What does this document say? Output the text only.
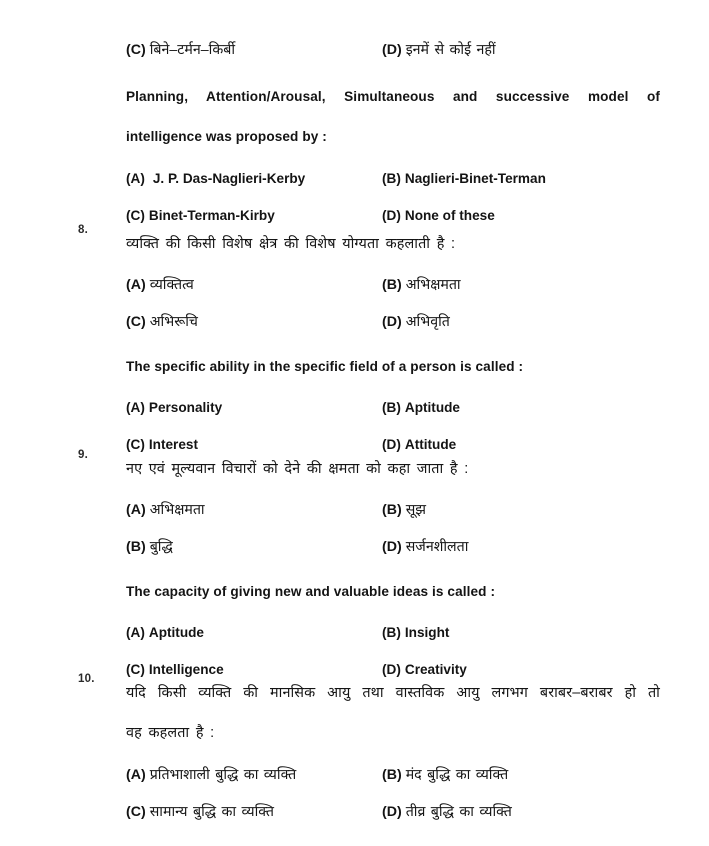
(C) बिने–टर्मन–किर्बी	(D) इनमें से कोई नहीं
Planning, Attention/Arousal, Simultaneous and successive model of
intelligence was proposed by :
(A) J. P. Das-Naglieri-Kerby	(B) Naglieri-Binet-Terman
(C) Binet-Terman-Kirby	(D) None of these
8.
व्यक्ति की किसी विशेष क्षेत्र की विशेष योग्यता कहलाती है :
(A) व्यक्तित्व	(B) अभिक्षमता
(C) अभिरूचि	(D) अभिवृति
The specific ability in the specific field of a person is called :
(A) Personality	(B) Aptitude
(C) Interest	(D) Attitude
9.
नए एवं मूल्यवान विचारों को देने की क्षमता को कहा जाता है :
(A) अभिक्षमता	(B) सूझ
(B) बुद्धि	(D) सर्जनशीलता
The capacity of giving new and valuable ideas is called :
(A) Aptitude	(B) Insight
(C) Intelligence	(D) Creativity
10.
यदि किसी व्यक्ति की मानसिक आयु तथा वास्तविक आयु लगभग बराबर–बराबर हो तो
वह कहलता है :
(A) प्रतिभाशाली बुद्धि का व्यक्ति	(B) मंद बुद्धि का व्यक्ति
(C) सामान्य बुद्धि का व्यक्ति	(D) तीव्र बुद्धि का व्यक्ति
